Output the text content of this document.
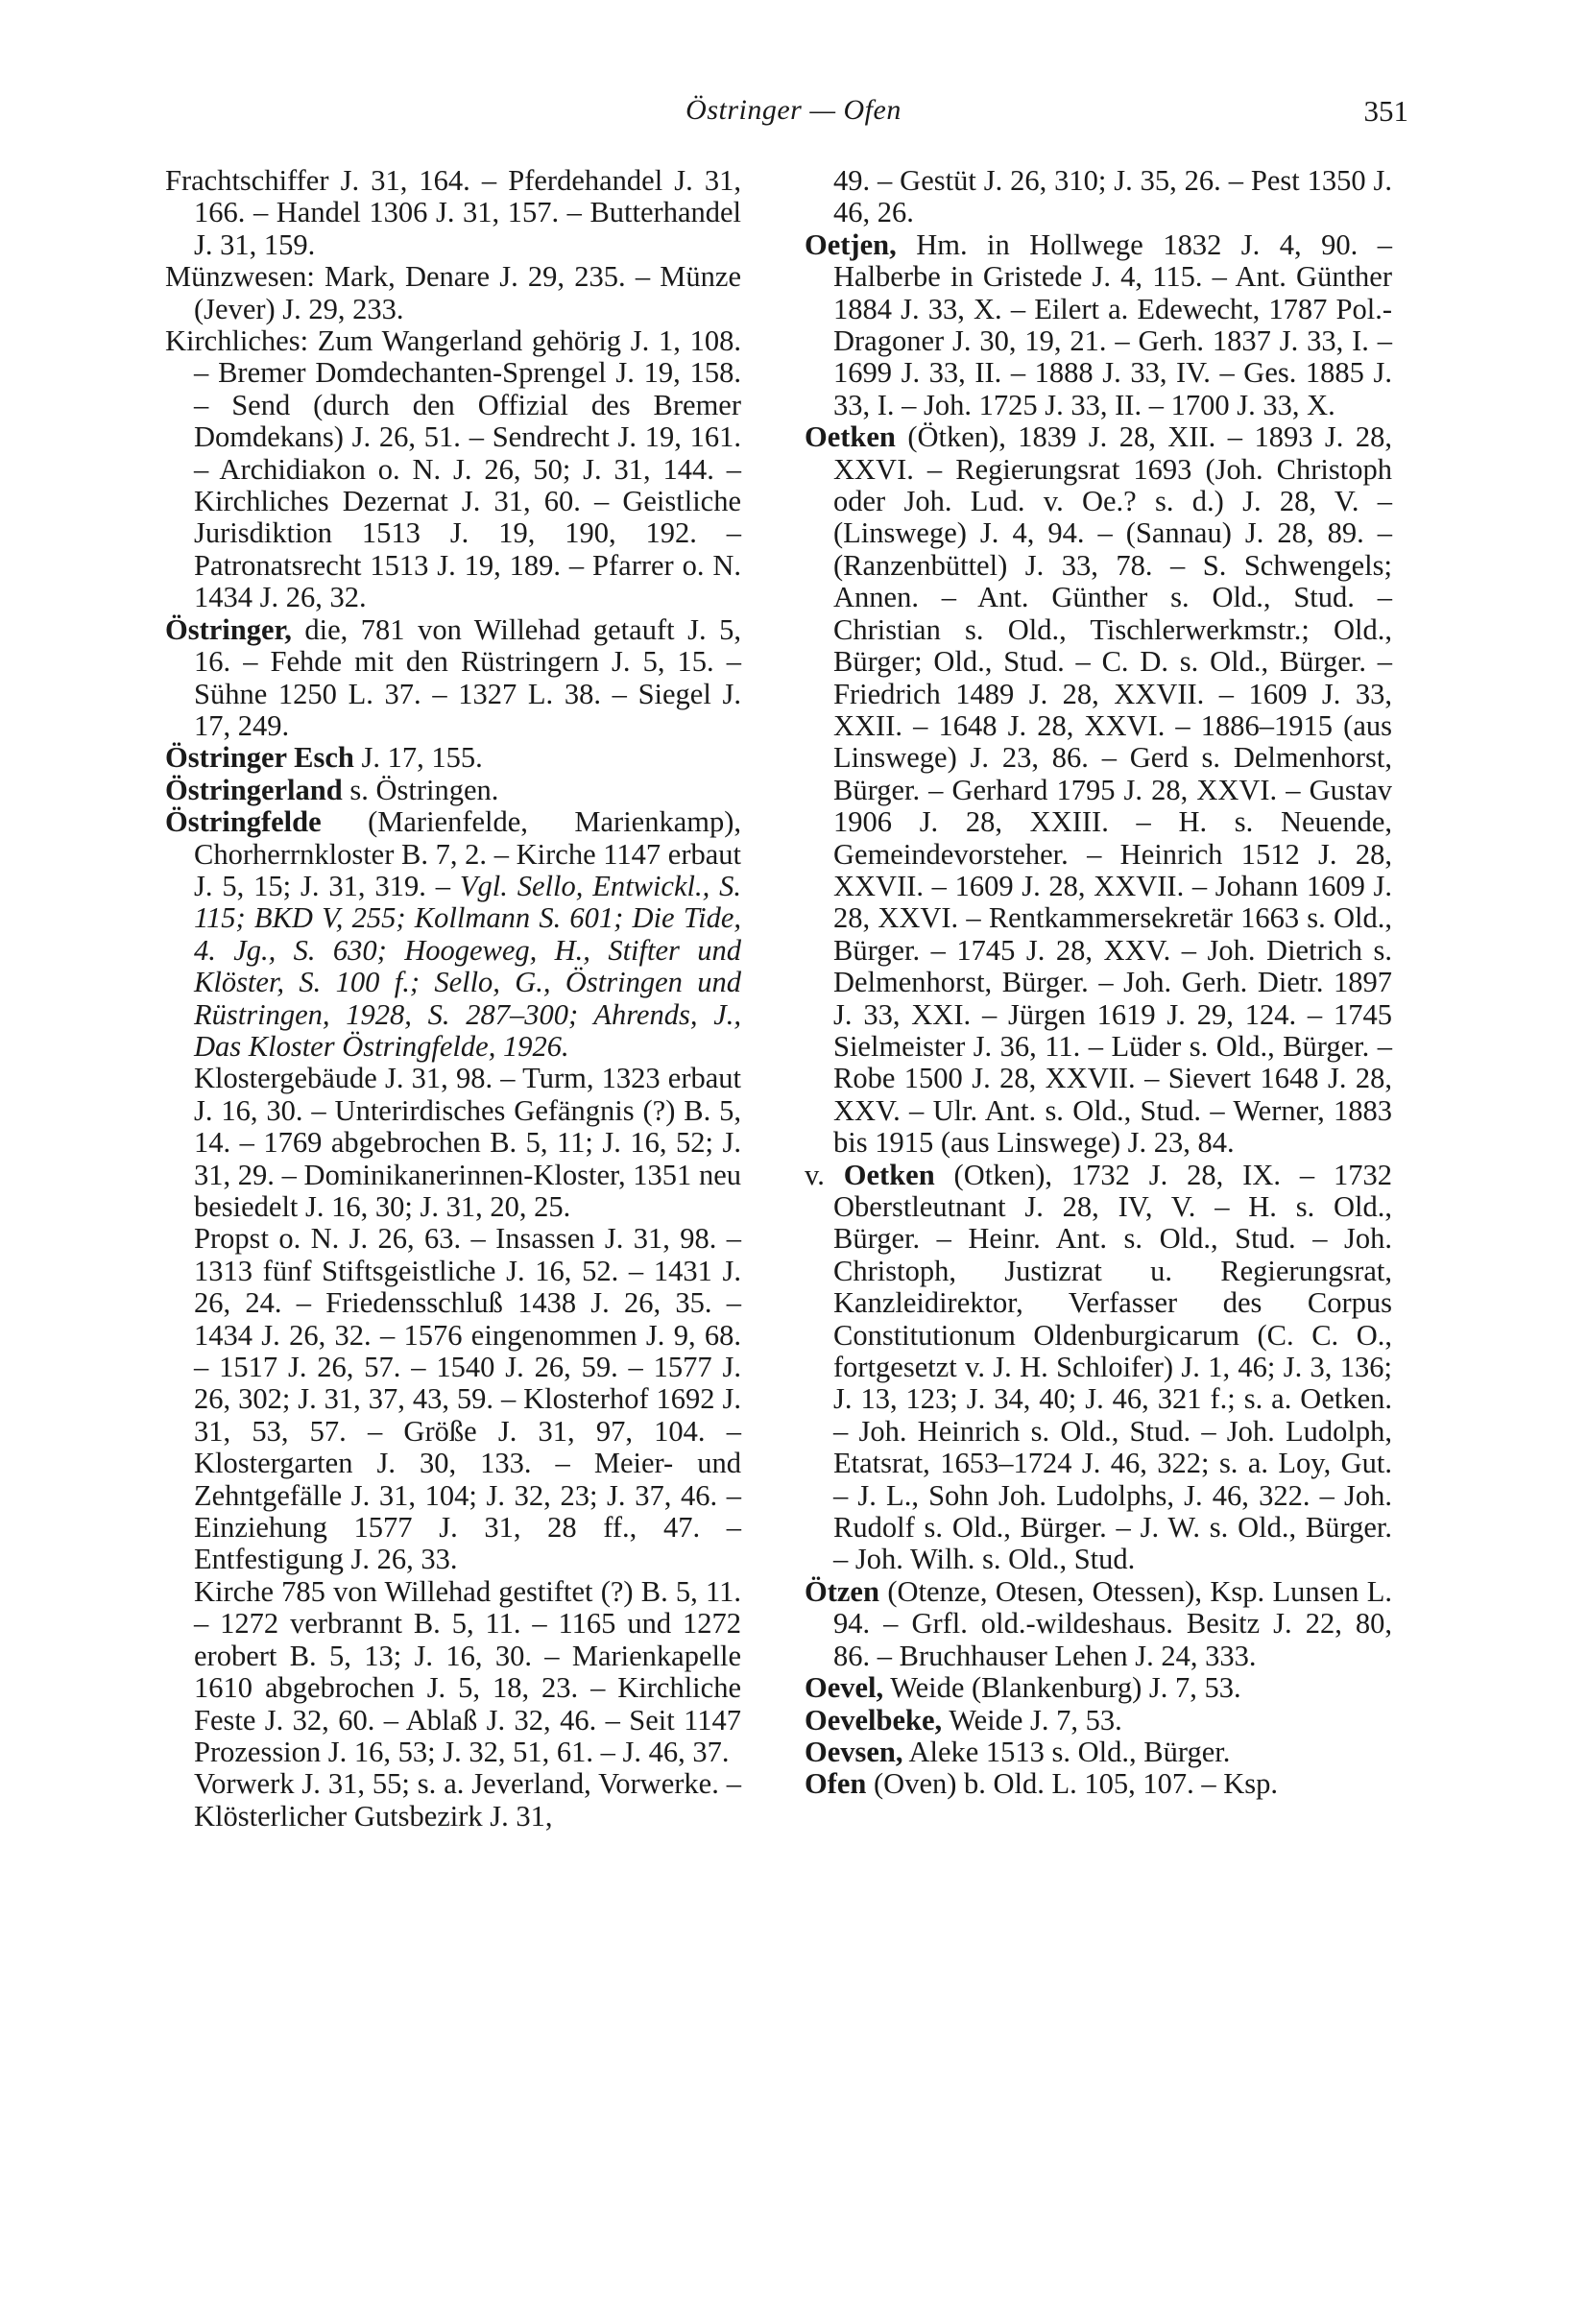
Östringer — Ofen	351

Frachtschiffer J. 31, 164. – Pferdehandel J. 31, 166. – Handel 1306 J. 31, 157. – Butterhandel J. 31, 159.

Münzwesen: Mark, Denare J. 29, 235. – Münze (Jever) J. 29, 233.

Kirchliches: Zum Wangerland gehörig J. 1, 108. – Bremer Domdechanten-Sprengel J. 19, 158. – Send (durch den Offizial des Bremer Domdekans) J. 26, 51. – Sendrecht J. 19, 161. – Archidiakon o. N. J. 26, 50; J. 31, 144. – Kirchliches Dezernat J. 31, 60. – Geistliche Jurisdiktion 1513 J. 19, 190, 192. – Patronatsrecht 1513 J. 19, 189. – Pfarrer o. N. 1434 J. 26, 32.

Östringer, die, 781 von Willehad getauft J. 5, 16. – Fehde mit den Rüstringern J. 5, 15. – Sühne 1250 L. 37. – 1327 L. 38. – Siegel J. 17, 249.

Östringer Esch J. 17, 155.

Östringerland s. Östringen.

Östringfelde (Marienfelde, Marienkamp), Chorherrnkloster B. 7, 2. – Kirche 1147 erbaut J. 5, 15; J. 31, 319. – Vgl. Sello, Entwickl., S. 115; BKD V, 255; Kollmann S. 601; Die Tide, 4. Jg., S. 630; Hoogeweg, H., Stifter und Klöster, S. 100 f.; Sello, G., Östringen und Rüstringen, 1928, S. 287–300; Ahrends, J., Das Kloster Östringfelde, 1926.

Klostergebäude J. 31, 98. – Turm, 1323 erbaut J. 16, 30. – Unterirdisches Gefängnis (?) B. 5, 14. – 1769 abgebrochen B. 5, 11; J. 16, 52; J. 31, 29. – Dominikanerinnen-Kloster, 1351 neu besiedelt J. 16, 30; J. 31, 20, 25.

Propst o. N. J. 26, 63. – Insassen J. 31, 98. – 1313 fünf Stiftsgeistliche J. 16, 52. – 1431 J. 26, 24. – Friedensschluß 1438 J. 26, 35. – 1434 J. 26, 32. – 1576 eingenommen J. 9, 68. – 1517 J. 26, 57. – 1540 J. 26, 59. – 1577 J. 26, 302; J. 31, 37, 43, 59. – Klosterhof 1692 J. 31, 53, 57. – Größe J. 31, 97, 104. – Klostergarten J. 30, 133. – Meier- und Zehntgefälle J. 31, 104; J. 32, 23; J. 37, 46. – Einziehung 1577 J. 31, 28 ff., 47. – Entfestigung J. 26, 33.

Kirche 785 von Willehad gestiftet (?) B. 5, 11. – 1272 verbrannt B. 5, 11. – 1165 und 1272 erobert B. 5, 13; J. 16, 30. – Marienkapelle 1610 abgebrochen J. 5, 18, 23. – Kirchliche Feste J. 32, 60. – Ablaß J. 32, 46. – Seit 1147 Prozession J. 16, 53; J. 32, 51, 61. – J. 46, 37.

Vorwerk J. 31, 55; s. a. Jeverland, Vorwerke. – Klösterlicher Gutsbezirk J. 31,

49. – Gestüt J. 26, 310; J. 35, 26. – Pest 1350 J. 46, 26.

Oetjen, Hm. in Hollwege 1832 J. 4, 90. – Halberbe in Gristede J. 4, 115. – Ant. Günther 1884 J. 33, X. – Eilert a. Edewecht, 1787 Pol.-Dragoner J. 30, 19, 21. – Gerh. 1837 J. 33, I. – 1699 J. 33, II. – 1888 J. 33, IV. – Ges. 1885 J. 33, I. – Joh. 1725 J. 33, II. – 1700 J. 33, X.

Oetken (Ötken), 1839 J. 28, XII. – 1893 J. 28, XXVI. – Regierungsrat 1693 (Joh. Christoph oder Joh. Lud. v. Oe.? s. d.) J. 28, V. – (Linswege) J. 4, 94. – (Sannau) J. 28, 89. – (Ranzenbüttel) J. 33, 78. – S. Schwengels; Annen. – Ant. Günther s. Old., Stud. – Christian s. Old., Tischlerwerkmstr.; Old., Bürger; Old., Stud. – C. D. s. Old., Bürger. – Friedrich 1489 J. 28, XXVII. – 1609 J. 33, XXII. – 1648 J. 28, XXVI. – 1886–1915 (aus Linswege) J. 23, 86. – Gerd s. Delmenhorst, Bürger. – Gerhard 1795 J. 28, XXVI. – Gustav 1906 J. 28, XXIII. – H. s. Neuende, Gemeindevorsteher. – Heinrich 1512 J. 28, XXVII. – 1609 J. 28, XXVII. – Johann 1609 J. 28, XXVI. – Rentkammersekretär 1663 s. Old., Bürger. – 1745 J. 28, XXV. – Joh. Dietrich s. Delmenhorst, Bürger. – Joh. Gerh. Dietr. 1897 J. 33, XXI. – Jürgen 1619 J. 29, 124. – 1745 Sielmeister J. 36, 11. – Lüder s. Old., Bürger. – Robe 1500 J. 28, XXVII. – Sievert 1648 J. 28, XXV. – Ulr. Ant. s. Old., Stud. – Werner, 1883 bis 1915 (aus Linswege) J. 23, 84.

v. Oetken (Otken), 1732 J. 28, IX. – 1732 Oberstleutnant J. 28, IV, V. – H. s. Old., Bürger. – Heinr. Ant. s. Old., Stud. – Joh. Christoph, Justizrat u. Regierungsrat, Kanzleidirektor, Verfasser des Corpus Constitutionum Oldenburgicarum (C. C. O., fortgesetzt v. J. H. Schloifer) J. 1, 46; J. 3, 136; J. 13, 123; J. 34, 40; J. 46, 321 f.; s. a. Oetken. – Joh. Heinrich s. Old., Stud. – Joh. Ludolph, Etatsrat, 1653–1724 J. 46, 322; s. a. Loy, Gut. – J. L., Sohn Joh. Ludolphs, J. 46, 322. – Joh. Rudolf s. Old., Bürger. – J. W. s. Old., Bürger. – Joh. Wilh. s. Old., Stud.

Ötzen (Otenze, Otesen, Otessen), Ksp. Lunsen L. 94. – Grfl. old.-wildeshaus. Besitz J. 22, 80, 86. – Bruchhauser Lehen J. 24, 333.

Oevel, Weide (Blankenburg) J. 7, 53.

Oevelbeke, Weide J. 7, 53.

Oevsen, Aleke 1513 s. Old., Bürger.

Ofen (Oven) b. Old. L. 105, 107. – Ksp.
